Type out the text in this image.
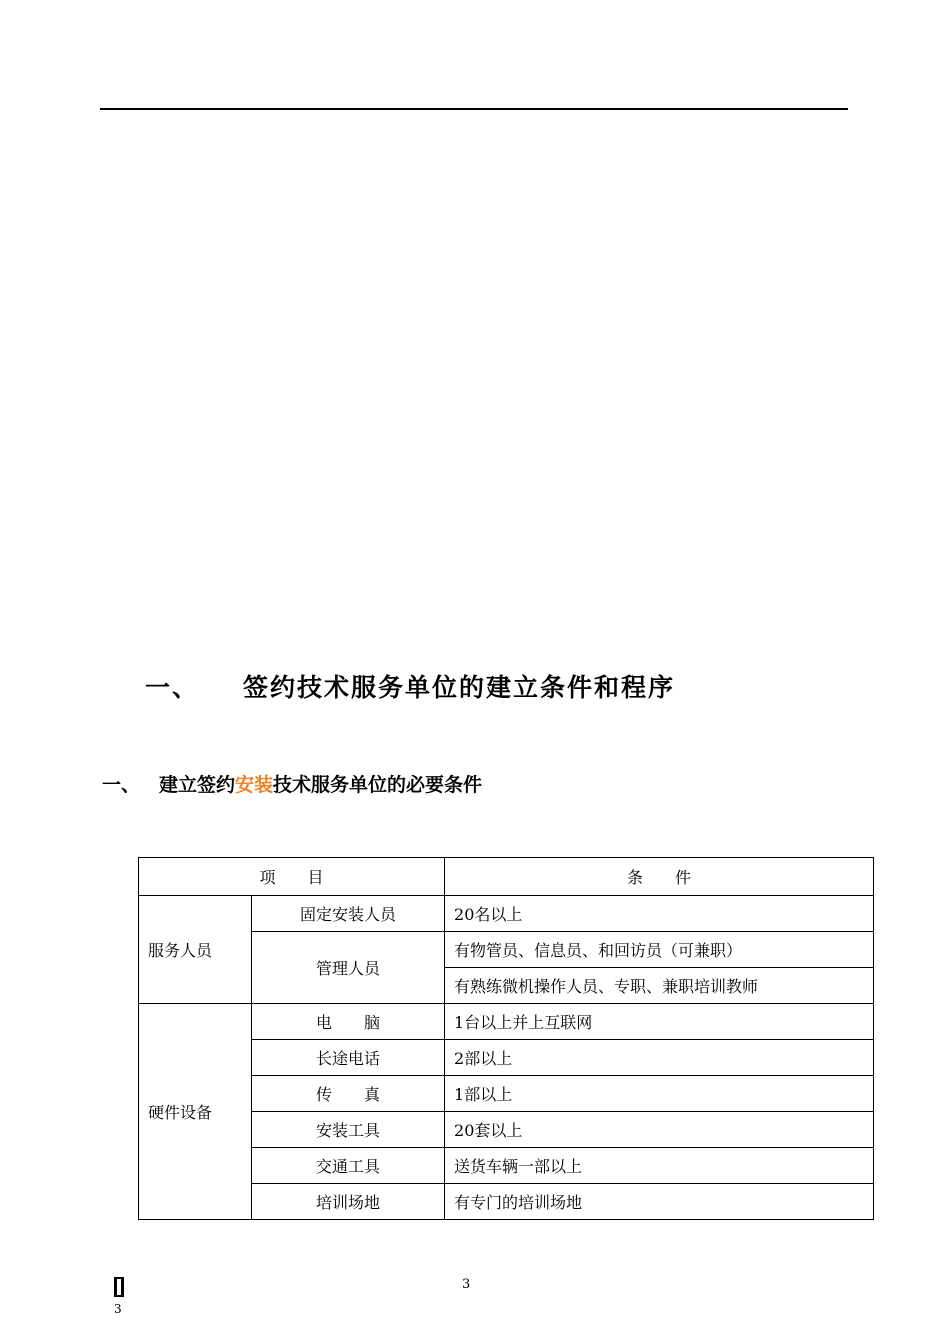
一、 签约技术服务单位的建立条件和程序
一、 建立签约安装技术服务单位的必要条件
项　　目		条　　件
服务人员	固定安装人员	20名以上
	管理人员	有物管员、信息员、和回访员（可兼职）
		有熟练微机操作人员、专职、兼职培训教师
硬件设备	电　　脑	1台以上并上互联网
	长途电话	2部以上
	传　　真	1部以上
	安装工具	20套以上
	交通工具	送货车辆一部以上
	培训场地	有专门的培训场地
3
3
